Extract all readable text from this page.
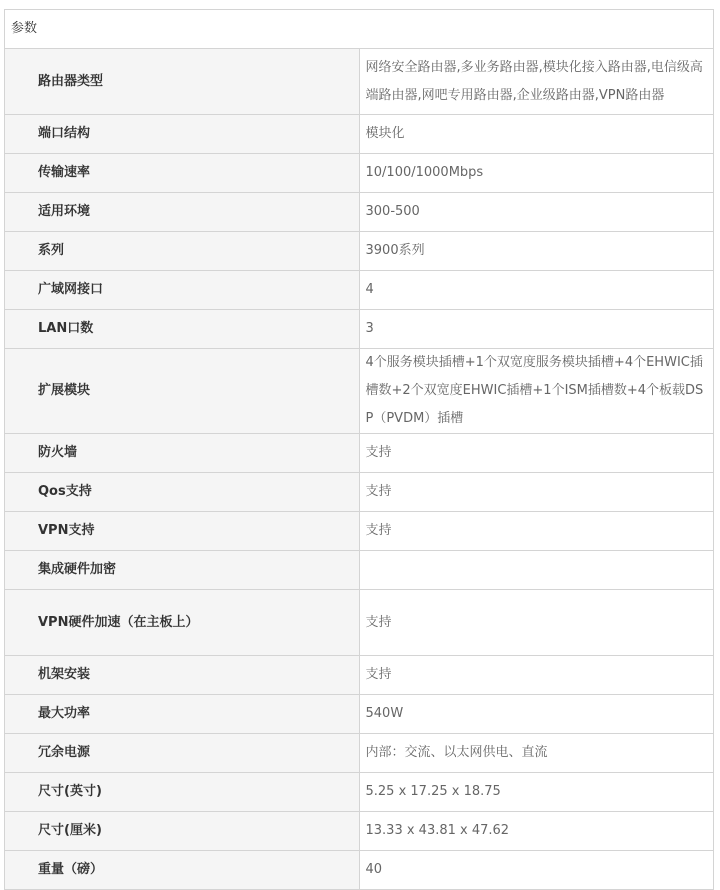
参数	
路由器类型	网络安全路由器,多业务路由器,模块化接入路由器,电信级高端路由器,网吧专用路由器,企业级路由器,VPN路由器
端口结构	模块化
传输速率	10/100/1000Mbps
适用环境	300-500
系列	3900系列
广域网接口	4
LAN口数	3
扩展模块	4个服务模块插槽+1个双宽度服务模块插槽+4个EHWIC插槽数+2个双宽度EHWIC插槽+1个ISM插槽数+4个板载DSP（PVDM）插槽
防火墙	支持
Qos支持	支持
VPN支持	支持
集成硬件加密	
VPN硬件加速（在主板上）	支持
机架安装	支持
最大功率	540W
冗余电源	内部：交流、以太网供电、直流
尺寸(英寸)	5.25 x 17.25 x 18.75
尺寸(厘米)	13.33 x 43.81 x 47.62
重量（磅）	40
